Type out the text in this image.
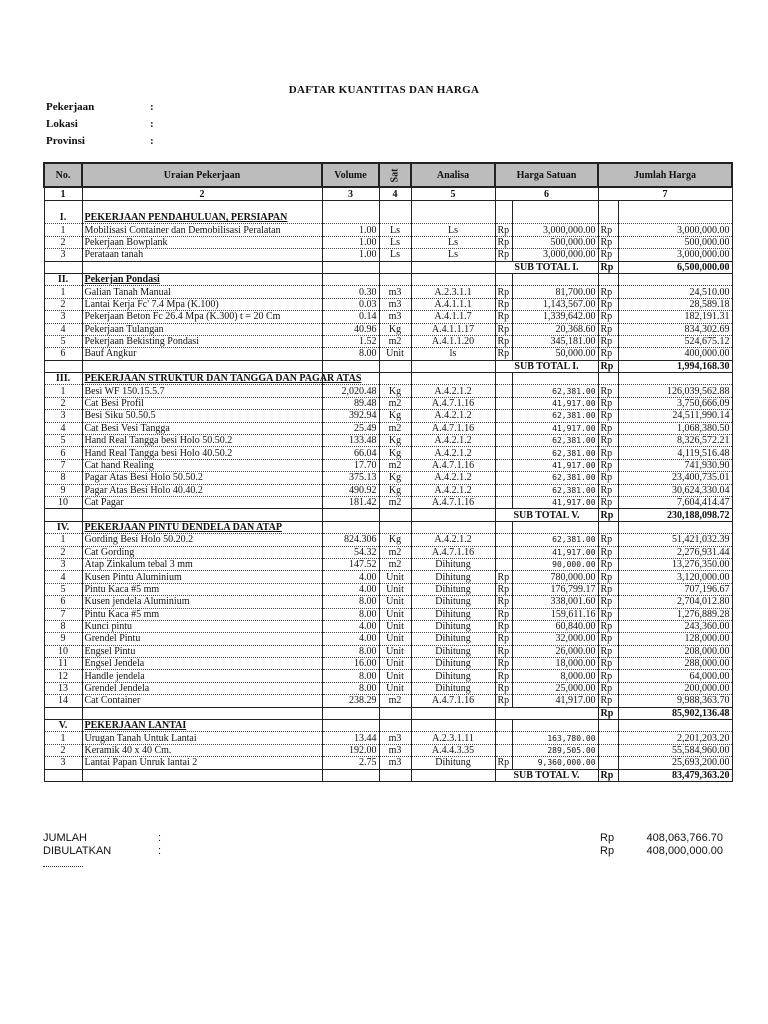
DAFTAR KUANTITAS DAN HARGA
Pekerjaan	:
Lokasi	:
Provinsi	:
No.	Uraian Pekerjaan	Volume	Sat	Analisa	Harga Satuan		Jumlah Harga	
1	2	3	4	5	6		7	

I.	PEKERJAAN PENDAHULUAN, PERSIAPAN							
1	Mobilisasi Container dan Demobilisasi Peralatan	1.00	Ls	Ls	Rp	3,000,000.00	Rp	3,000,000.00
2	Pekerjaan Bowplank	1.00	Ls	Ls	Rp	500,000.00	Rp	500,000.00
3	Perataan tanah	1.00	Ls	Ls	Rp	3,000,000.00	Rp	3,000,000.00
					SUB TOTAL I.		Rp	6,500,000.00
II.	Pekerjan Pondasi							
1	Galian Tanah Manual	0.30	m3	A.2.3.1.1	Rp	81,700.00	Rp	24,510.00
2	Lantai Kerja Fc' 7.4 Mpa (K.100)	0.03	m3	A.4.1.1.1	Rp	1,143,567.00	Rp	28,589.18
3	Pekerjaan Beton Fc 26.4 Mpa (K.300) t = 20 Cm	0.14	m3	A.4.1.1.7	Rp	1,339,642.00	Rp	182,191.31
4	Pekerjaan Tulangan	40.96	Kg	A.4.1.1.17	Rp	20,368.60	Rp	834,302.69
5	Pekerjaan Bekisting Pondasi	1.52	m2	A.4.1.1.20	Rp	345,181.00	Rp	524,675.12
6	Bauf Angkur	8.00	Unit	ls	Rp	50,000.00	Rp	400,000.00
					SUB TOTAL I.		Rp	1,994,168.30
III.	PEKERJAAN STRUKTUR DAN TANGGA DAN PAGAR ATAS							
1	Besi WF 150.15.5.7	2,020.48	Kg	A.4.2.1.2		62,381.00	Rp	126,039,562.88
2	Cat Besi Profil	89.48	m2	A.4.7.1.16		41,917.00	Rp	3,750,666.09
3	Besi Siku 50.50.5	392.94	Kg	A.4.2.1.2		62,381.00	Rp	24,511,990.14
4	Cat Besi Vesi Tangga	25.49	m2	A.4.7.1.16		41,917.00	Rp	1,068,380.50
5	Hand Real Tangga besi Holo 50.50.2	133.48	Kg	A.4.2.1.2		62,381.00	Rp	8,326,572.21
6	Hand Real Tangga besi Holo 40.50.2	66.04	Kg	A.4.2.1.2		62,381.00	Rp	4,119,516.48
7	Cat hand Realing	17.70	m2	A.4.7.1.16		41,917.00	Rp	741,930.90
8	Pagar Atas Besi Holo 50.50.2	375.13	Kg	A.4.2.1.2		62,381.00	Rp	23,400,735.01
9	Pagar Atas Besi Holo 40.40.2	490.92	Kg	A.4.2.1.2		62,381.00	Rp	30,624,330.04
10	Cat Pagar	181.42	m2	A.4.7.1.16		41,917.00	Rp	7,604,414.47
					SUB TOTAL V.		Rp	230,188,098.72
IV.	PEKERJAAN PINTU DENDELA DAN ATAP							
1	Gording Besi Holo 50.20.2	824.306	Kg	A.4.2.1.2		62,381.00	Rp	51,421,032.39
2	Cat Gording	54.32	m2	A.4.7.1.16		41,917.00	Rp	2,276,931.44
3	Atap Zinkalum tebal 3 mm	147.52	m2	Dihitung		90,000.00	Rp	13,276,350.00
4	Kusen Pintu Aluminium	4.00	Unit	Dihitung	Rp	780,000.00	Rp	3,120,000.00
5	Pintu Kaca #5 mm	4.00	Unit	Dihitung	Rp	176,799.17	Rp	707,196.67
6	Kusen jendela Aluminium	8.00	Unit	Dihitung	Rp	338,001.60	Rp	2,704,012.80
7	Pintu Kaca #5 mm	8.00	Unit	Dihitung	Rp	159,611.16	Rp	1,276,889.28
8	Kunci pintu	4.00	Unit	Dihitung	Rp	60,840.00	Rp	243,360.00
9	Grendel Pintu	4.00	Unit	Dihitung	Rp	32,000.00	Rp	128,000.00
10	Engsel Pintu	8.00	Unit	Dihitung	Rp	26,000.00	Rp	208,000.00
11	Engsel Jendela	16.00	Unit	Dihitung	Rp	18,000.00	Rp	288,000.00
12	Handle jendela	8.00	Unit	Dihitung	Rp	8,000.00	Rp	64,000.00
13	Grendel Jendela	8.00	Unit	Dihitung	Rp	25,000.00	Rp	200,000.00
14	Cat Container	238.29	m2	A.4.7.1.16	Rp	41,917.00	Rp	9,988,363.70
							Rp	85,902,136.48
V.	PEKERJAAN LANTAI							
1	Urugan Tanah Untuk Lantai	13.44	m3	A.2.3.1.11		163,780.00		2,201,203.20
2	Keramik 40 x 40 Cm.	192.00	m3	A.4.4.3.35		289,505.00		55,584,960.00
3	Lantai Papan Unruk lantai 2	2.75	m3	Dihitung	Rp	9,360,000.00		25,693,200.00
					SUB TOTAL V.		Rp	83,479,363.20
JUMLAH	:	Rp	408,063,766.70
DIBULATKAN	:	Rp	408,000,000.00
